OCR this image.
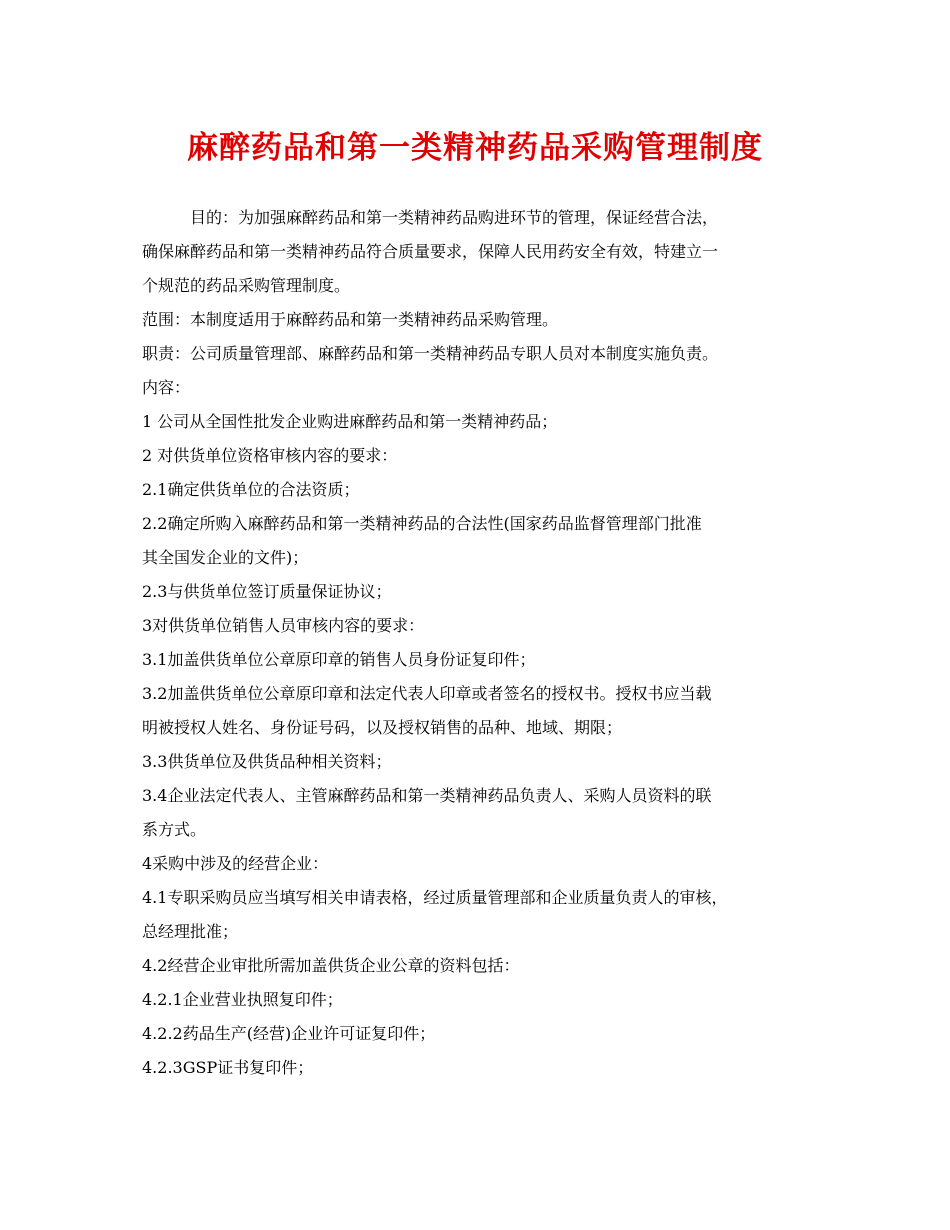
麻醉药品和第一类精神药品采购管理制度
目的：为加强麻醉药品和第一类精神药品购进环节的管理，保证经营合法，
确保麻醉药品和第一类精神药品符合质量要求，保障人民用药安全有效，特建立一
个规范的药品采购管理制度。
范围：本制度适用于麻醉药品和第一类精神药品采购管理。
职责：公司质量管理部、麻醉药品和第一类精神药品专职人员对本制度实施负责。
内容：
1 公司从全国性批发企业购进麻醉药品和第一类精神药品；
2 对供货单位资格审核内容的要求：
2.1确定供货单位的合法资质；
2.2确定所购入麻醉药品和第一类精神药品的合法性(国家药品监督管理部门批准
其全国发企业的文件)；
2.3与供货单位签订质量保证协议；
3对供货单位销售人员审核内容的要求：
3.1加盖供货单位公章原印章的销售人员身份证复印件；
3.2加盖供货单位公章原印章和法定代表人印章或者签名的授权书。授权书应当载
明被授权人姓名、身份证号码，以及授权销售的品种、地域、期限；
3.3供货单位及供货品种相关资料；
3.4企业法定代表人、主管麻醉药品和第一类精神药品负责人、采购人员资料的联
系方式。
4采购中涉及的经营企业：
4.1专职采购员应当填写相关申请表格，经过质量管理部和企业质量负责人的审核，
总经理批准；
4.2经营企业审批所需加盖供货企业公章的资料包括：
4.2.1企业营业执照复印件；
4.2.2药品生产(经营)企业许可证复印件；
4.2.3GSP证书复印件；
